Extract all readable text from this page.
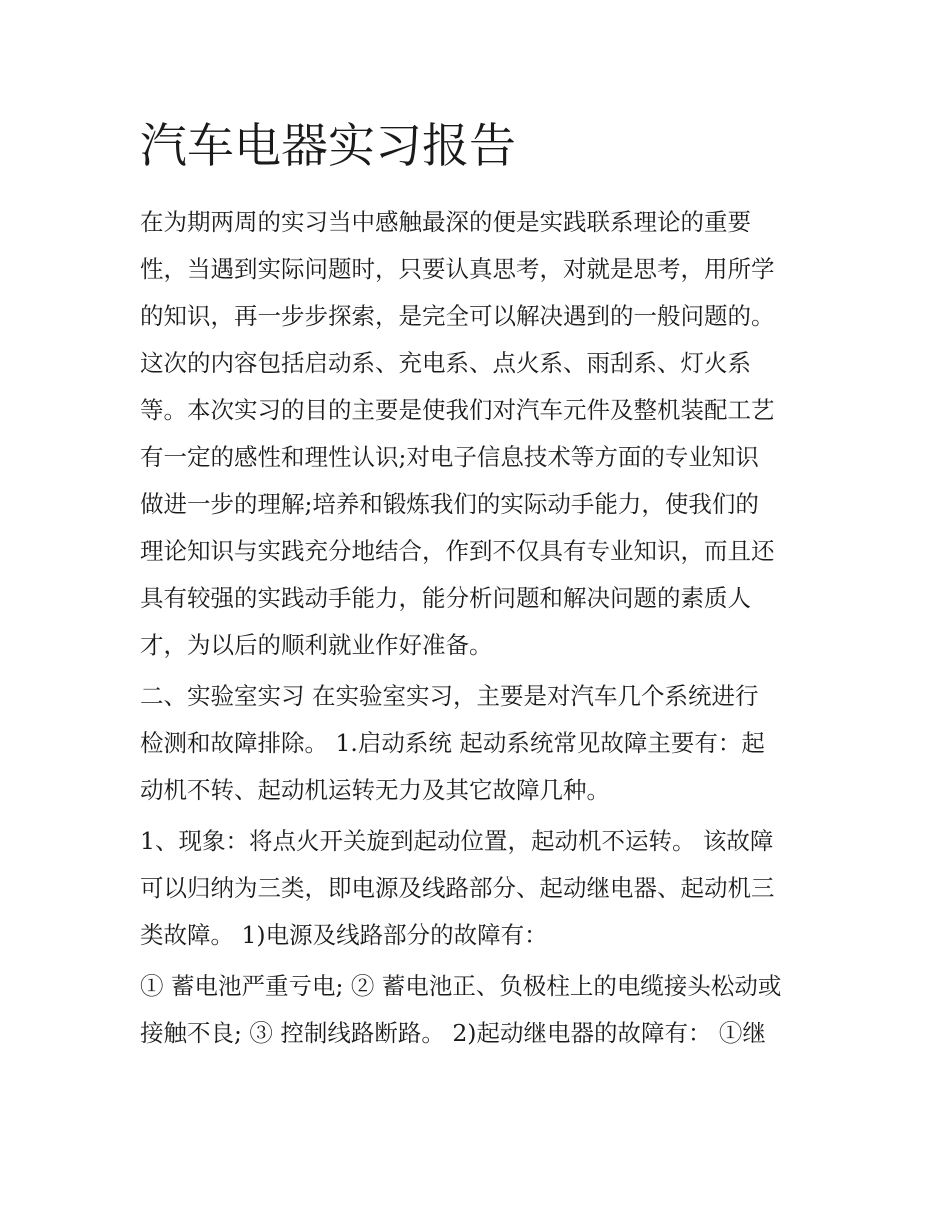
汽车电器实习报告

在为期两周的实习当中感触最深的便是实践联系理论的重要
性，当遇到实际问题时，只要认真思考，对就是思考，用所学
的知识，再一步步探索，是完全可以解决遇到的一般问题的。
这次的内容包括启动系、充电系、点火系、雨刮系、灯火系
等。本次实习的目的主要是使我们对汽车元件及整机装配工艺
有一定的感性和理性认识;对电子信息技术等方面的专业知识
做进一步的理解;培养和锻炼我们的实际动手能力，使我们的
理论知识与实践充分地结合，作到不仅具有专业知识，而且还
具有较强的实践动手能力，能分析问题和解决问题的素质人
才，为以后的顺利就业作好准备。

二、实验室实习 在实验室实习，主要是对汽车几个系统进行
检测和故障排除。 1.启动系统 起动系统常见故障主要有：起
动机不转、起动机运转无力及其它故障几种。

1、现象：将点火开关旋到起动位置，起动机不运转。 该故障
可以归纳为三类，即电源及线路部分、起动继电器、起动机三
类故障。 1)电源及线路部分的故障有：

① 蓄电池严重亏电; ② 蓄电池正、负极柱上的电缆接头松动或
接触不良; ③ 控制线路断路。 2)起动继电器的故障有： ①继
